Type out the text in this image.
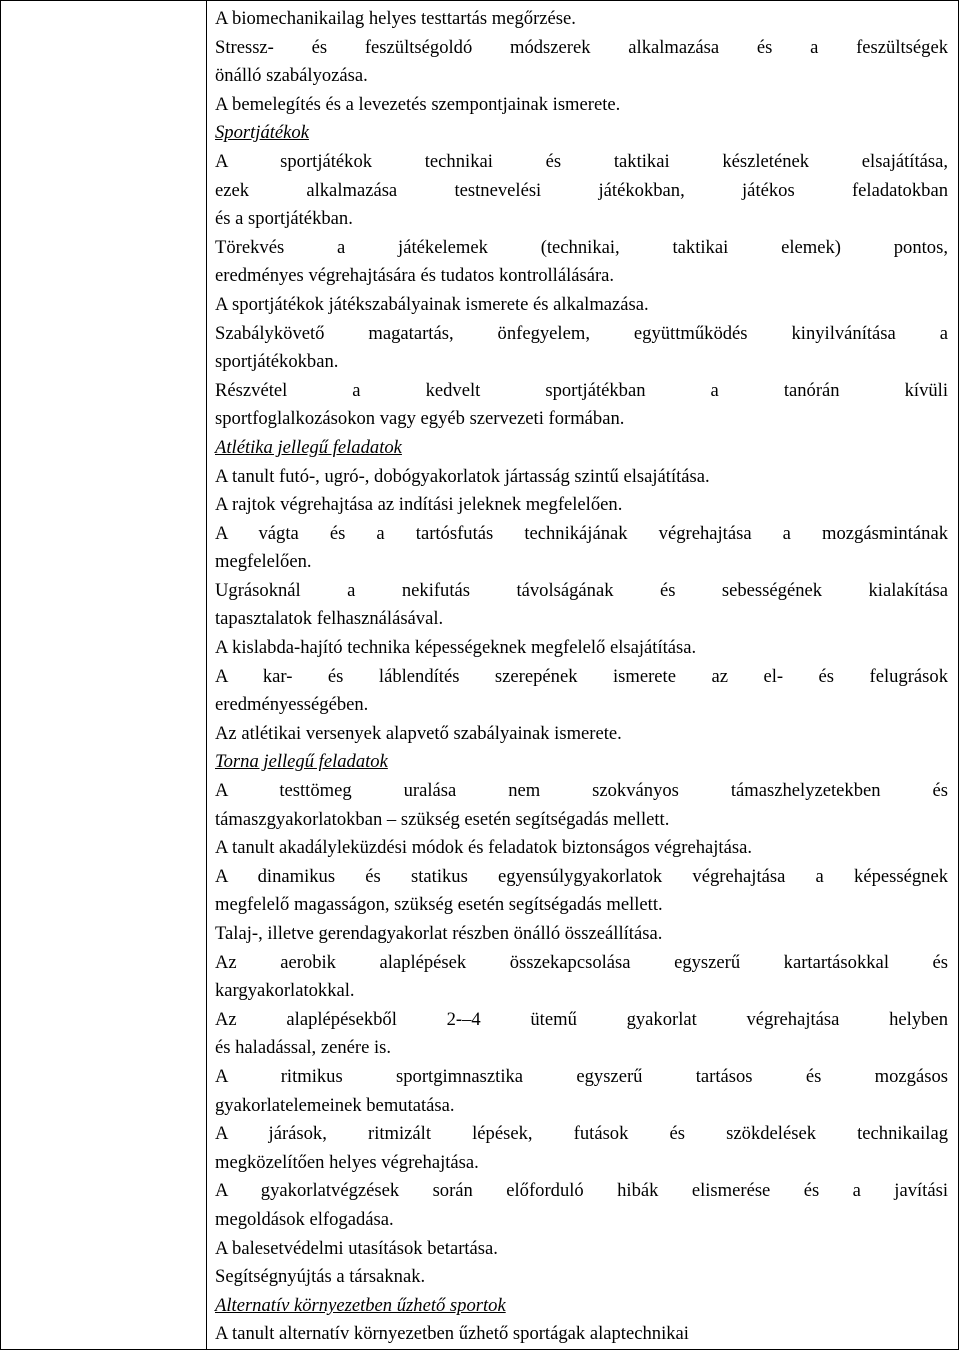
A biomechanikailag helyes testtartás megőrzése.
Stressz- és feszültségoldó módszerek alkalmazása és a feszültségek
önálló szabályozása.
A bemelegítés és a levezetés szempontjainak ismerete.
Sportjátékok
A sportjátékok technikai és taktikai készletének elsajátítása,
ezek alkalmazása testnevelési játékokban, játékos feladatokban
és a sportjátékban.
Törekvés a játékelemek (technikai, taktikai elemek) pontos,
eredményes végrehajtására és tudatos kontrollálására.
A sportjátékok játékszabályainak ismerete és alkalmazása.
Szabálykövető magatartás, önfegyelem, együttműködés kinyilvánítása a
sportjátékokban.
Részvétel a kedvelt sportjátékban a tanórán kívüli
sportfoglalkozásokon vagy egyéb szervezeti formában.
Atlétika jellegű feladatok
A tanult futó-, ugró-, dobógyakorlatok jártasság szintű elsajátítása.
A rajtok végrehajtása az indítási jeleknek megfelelően.
A vágta és a tartósfutás technikájának végrehajtása a mozgásmintának
megfelelően.
Ugrásoknál a nekifutás távolságának és sebességének kialakítása
tapasztalatok felhasználásával.
A kislabda-hajító technika képességeknek megfelelő elsajátítása.
A kar- és láblendítés szerepének ismerete az el- és felugrások
eredményességében.
Az atlétikai versenyek alapvető szabályainak ismerete.
Torna jellegű feladatok
A testtömeg uralása nem szokványos támaszhelyzetekben és
támaszgyakorlatokban – szükség esetén segítségadás mellett.
A tanult akadályleküzdési módok és feladatok biztonságos végrehajtása.
A dinamikus és statikus egyensúlygyakorlatok végrehajtása a képességnek
megfelelő magasságon, szükség esetén segítségadás mellett.
Talaj-, illetve gerendagyakorlat részben önálló összeállítása.
Az aerobik alaplépések összekapcsolása egyszerű kartartásokkal és
kargyakorlatokkal.
Az alaplépésekből 2-–4 ütemű gyakorlat végrehajtása helyben
és haladással, zenére is.
A ritmikus sportgimnasztika egyszerű tartásos és mozgásos
gyakorlatelemeinek bemutatása.
A járások, ritmizált lépések, futások és szökdelések technikailag
megközelítően helyes végrehajtása.
A gyakorlatvégzések során előforduló hibák elismerése és a javítási
megoldások elfogadása.
A balesetvédelmi utasítások betartása.
Segítségnyújtás a társaknak.
Alternatív környezetben űzhető sportok
A tanult alternatív környezetben űzhető sportágak alaptechnikai
